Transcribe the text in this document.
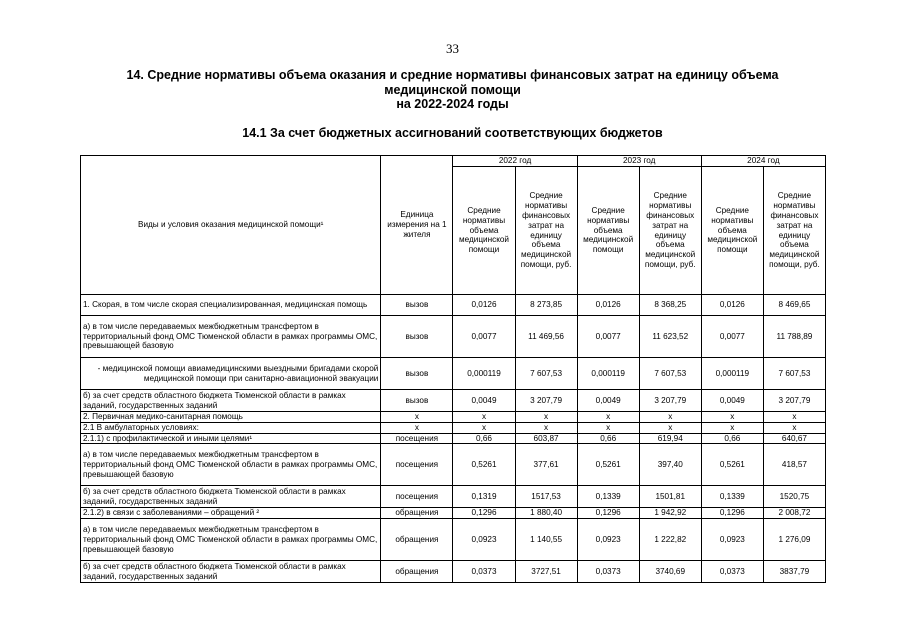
33
14. Средние нормативы объема оказания и средние нормативы финансовых затрат на единицу объема
медицинской помощи
на 2022-2024 годы
14.1 За счет бюджетных ассигнований соответствующих бюджетов
Виды и условия оказания медицинской помощи¹	Единица измерения на 1 жителя	2022 год		2023 год		2024 год	
		Средние нормативы объема медицинской помощи	Средние нормативы финансовых затрат на единицу объема медицинской помощи, руб.	Средние нормативы объема медицинской помощи	Средние нормативы финансовых затрат на единицу объема медицинской помощи, руб.	Средние нормативы объема медицинской помощи	Средние нормативы финансовых затрат на единицу объема медицинской помощи, руб.
1. Скорая, в том числе скорая специализированная, медицинская помощь	вызов	0,0126	8 273,85	0,0126	8 368,25	0,0126	8 469,65
а) в том числе передаваемых межбюджетным трансфертом в территориальный фонд ОМС Тюменской области в рамках программы ОМС, превышающей базовую	вызов	0,0077	11 469,56	0,0077	11 623,52	0,0077	11 788,89
- медицинской помощи авиамедицинскими выездными бригадами скорой медицинской помощи при санитарно-авиационной эвакуации	вызов	0,000119	7 607,53	0,000119	7 607,53	0,000119	7 607,53
б) за счет средств областного бюджета Тюменской области в рамках заданий, государственных заданий	вызов	0,0049	3 207,79	0,0049	3 207,79	0,0049	3 207,79
2. Первичная медико-санитарная помощь	х	х	х	х	х	х	х
2.1 В амбулаторных условиях:	х	х	х	х	х	х	х
2.1.1) с профилактической и иными целями¹	посещения	0,66	603,87	0,66	619,94	0,66	640,67
а) в том числе передаваемых межбюджетным трансфертом в территориальный фонд ОМС Тюменской области в рамках программы ОМС, превышающей базовую	посещения	0,5261	377,61	0,5261	397,40	0,5261	418,57
б) за счет средств областного бюджета Тюменской области в рамках заданий, государственных заданий	посещения	0,1319	1517,53	0,1339	1501,81	0,1339	1520,75
2.1.2) в связи с заболеваниями – обращений ²	обращения	0,1296	1 880,40	0,1296	1 942,92	0,1296	2 008,72
а) в том числе передаваемых межбюджетным трансфертом в территориальный фонд ОМС Тюменской области в рамках программы ОМС, превышающей базовую	обращения	0,0923	1 140,55	0,0923	1 222,82	0,0923	1 276,09
б) за счет средств областного бюджета Тюменской области в рамках заданий, государственных заданий	обращения	0,0373	3727,51	0,0373	3740,69	0,0373	3837,79
